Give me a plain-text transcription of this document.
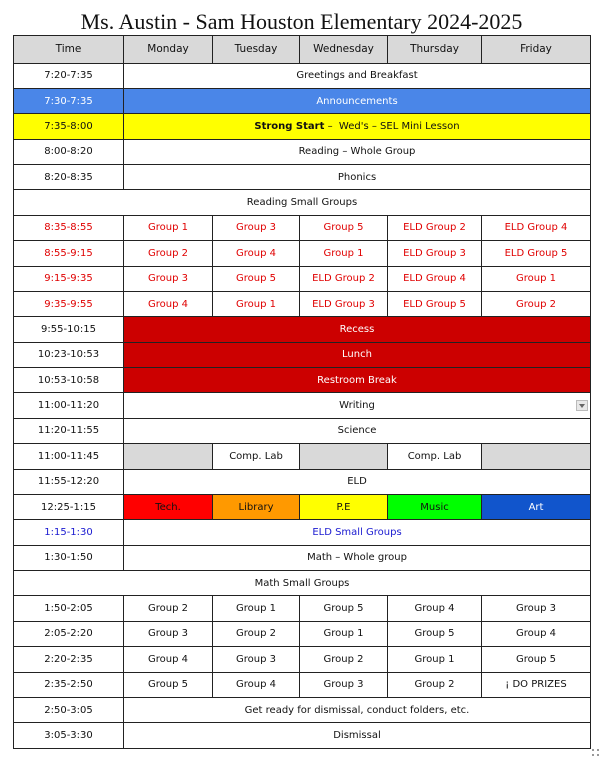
Ms. Austin - Sam Houston Elementary 2024-2025
Time	Monday	Tuesday	Wednesday	Thursday	Friday
7:20-7:35	Greetings and Breakfast				
7:30-7:35	Announcements				
7:35-8:00	Strong Start –  Wed's – SEL Mini Lesson				
8:00-8:20	Reading – Whole Group				
8:20-8:35	Phonics				
Reading Small Groups					
8:35-8:55	Group 1	Group 3	Group 5	ELD Group 2	ELD Group 4
8:55-9:15	Group 2	Group 4	Group 1	ELD Group 3	ELD Group 5
9:15-9:35	Group 3	Group 5	ELD Group 2	ELD Group 4	Group 1
9:35-9:55	Group 4	Group 1	ELD Group 3	ELD Group 5	Group 2
9:55-10:15	Recess				
10:23-10:53	Lunch				
10:53-10:58	Restroom Break				
11:00-11:20	Writing				

11:20-11:55	Science				
11:00-11:45		Comp. Lab		Comp. Lab	
11:55-12:20	ELD				
12:25-1:15	Tech.	Library	P.E	Music	Art
1:15-1:30	ELD Small Groups				
1:30-1:50	Math – Whole group				
Math Small Groups					
1:50-2:05	Group 2	Group 1	Group 5	Group 4	Group 3
2:05-2:20	Group 3	Group 2	Group 1	Group 5	Group 4
2:20-2:35	Group 4	Group 3	Group 2	Group 1	Group 5
2:35-2:50	Group 5	Group 4	Group 3	Group 2	¡ DO PRIZES
2:50-3:05	Get ready for dismissal, conduct folders, etc.				
3:05-3:30	Dismissal				
